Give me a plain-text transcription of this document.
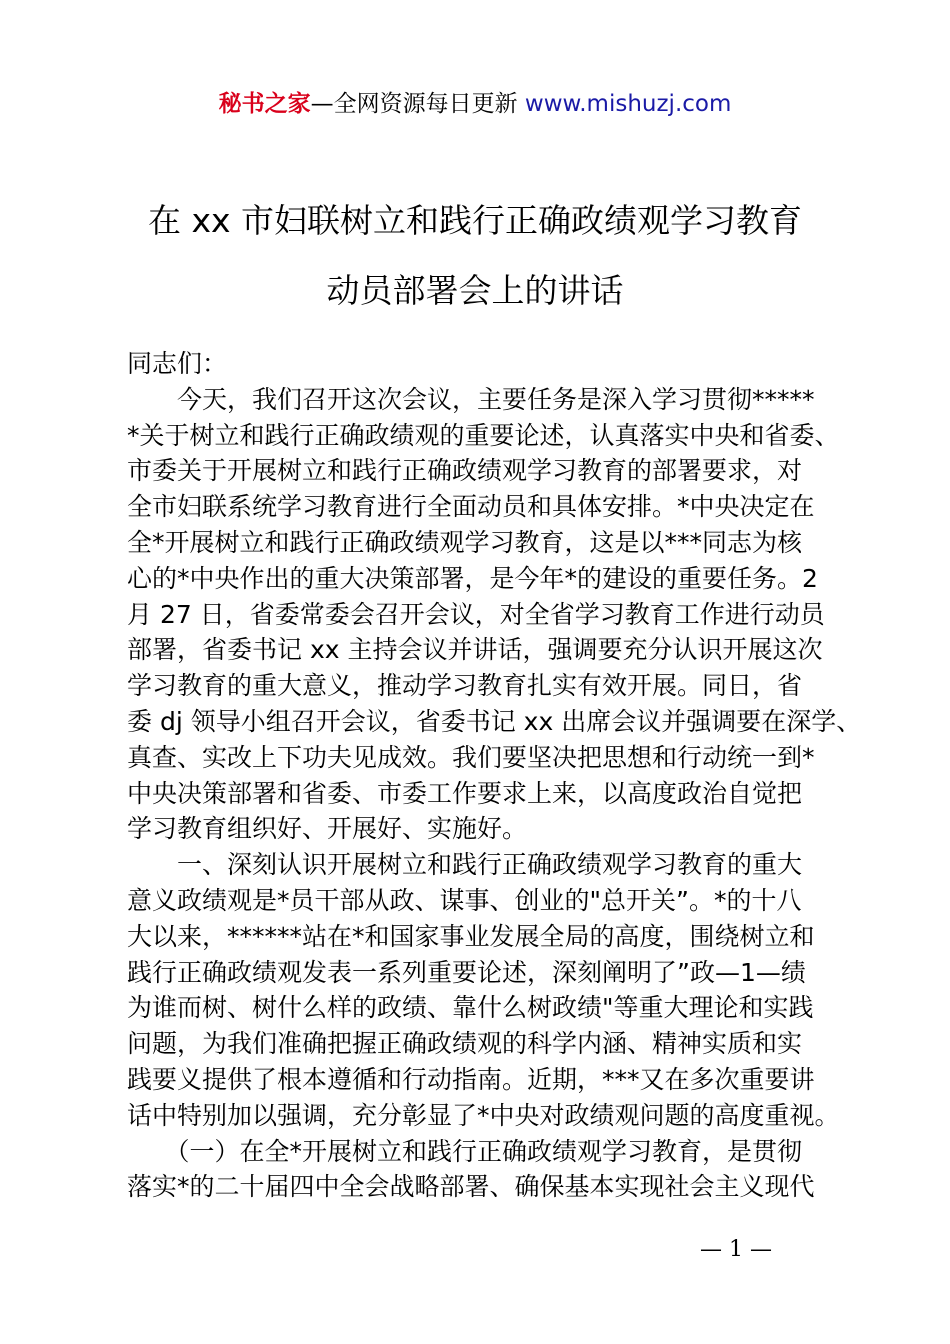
秘书之家—全网资源每日更新 www.mishuzj.com
在 xx 市妇联树立和践行正确政绩观学习教育
动员部署会上的讲话
同志们：
　　今天，我们召开这次会议，主要任务是深入学习贯彻*****
*关于树立和践行正确政绩观的重要论述，认真落实中央和省委、
市委关于开展树立和践行正确政绩观学习教育的部署要求，对
全市妇联系统学习教育进行全面动员和具体安排。*中央决定在
全*开展树立和践行正确政绩观学习教育，这是以***同志为核
心的*中央作出的重大决策部署，是今年*的建设的重要任务。2
月 27 日，省委常委会召开会议，对全省学习教育工作进行动员
部署，省委书记 xx 主持会议并讲话，强调要充分认识开展这次
学习教育的重大意义，推动学习教育扎实有效开展。同日，省
委 dj 领导小组召开会议，省委书记 xx 出席会议并强调要在深学、
真查、实改上下功夫见成效。我们要坚决把思想和行动统一到*
中央决策部署和省委、市委工作要求上来，以高度政治自觉把
学习教育组织好、开展好、实施好。
　　一、深刻认识开展树立和践行正确政绩观学习教育的重大
意义政绩观是*员干部从政、谋事、创业的"总开关”。*的十八
大以来，******站在*和国家事业发展全局的高度，围绕树立和
践行正确政绩观发表一系列重要论述，深刻阐明了”政—1—绩
为谁而树、树什么样的政绩、靠什么树政绩"等重大理论和实践
问题，为我们准确把握正确政绩观的科学内涵、精神实质和实
践要义提供了根本遵循和行动指南。近期，***又在多次重要讲
话中特别加以强调，充分彰显了*中央对政绩观问题的高度重视。
　　（一）在全*开展树立和践行正确政绩观学习教育，是贯彻
落实*的二十届四中全会战略部署、确保基本实现社会主义现代
— 1 —
